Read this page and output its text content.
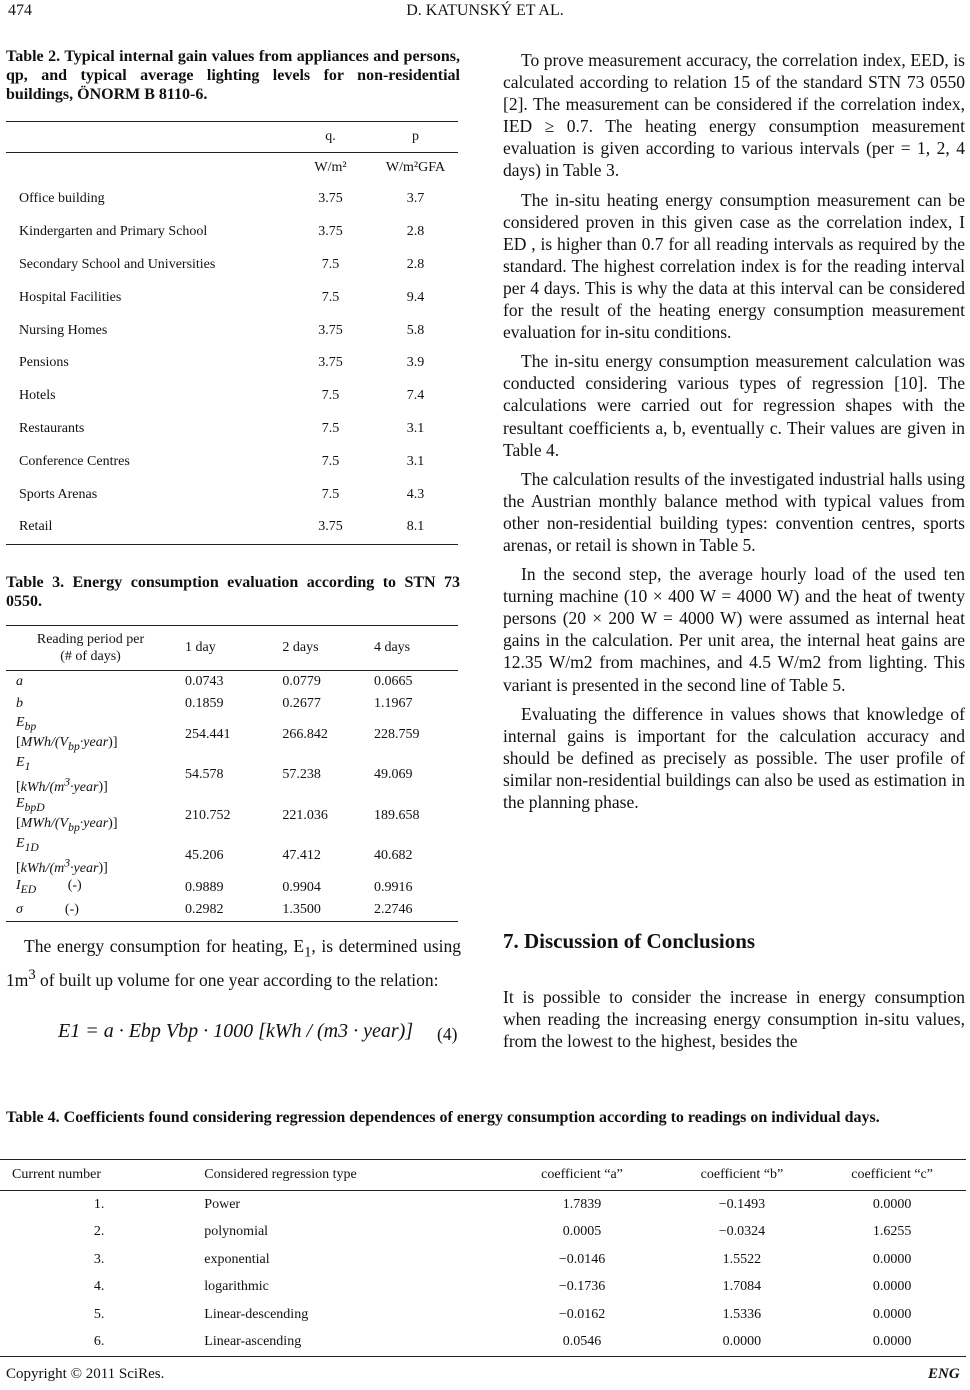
474	D. KATUNSKÝ ET AL.
Table 2. Typical internal gain values from appliances and persons, qp, and typical average lighting levels for non-residential buildings, ÖNORM B 8110-6.
	q.	p
	W/m²	W/m²GFA
Office building	3.75	3.7
Kindergarten and Primary School	3.75	2.8
Secondary School and Universities	7.5	2.8
Hospital Facilities	7.5	9.4
Nursing Homes	3.75	5.8
Pensions	3.75	3.9
Hotels	7.5	7.4
Restaurants	7.5	3.1
Conference Centres	7.5	3.1
Sports Arenas	7.5	4.3
Retail	3.75	8.1
Table 3. Energy consumption evaluation according to STN 73 0550.
Reading period per
(# of days)	1 day	2 days	4 days
a	0.0743	0.0779	0.0665
b	0.1859	0.2677	1.1967
$E_{bp}$
$[MWh/(V_{bp}\cdot year)]$	254.441	266.842	228.759
$E_1$
$[kWh/(m^3\cdot year)]$	54.578	57.238	49.069
$E_{bpD}$
$[MWh/(V_{bp}\cdot year)]$	210.752	221.036	189.658
$E_{1D}$
$[kWh/(m^3\cdot year)]$	45.206	47.412	40.682
$I_{ED}$         (-)	0.9889	0.9904	0.9916
σ            (-)	0.2982	1.3500	2.2746

The energy consumption for heating, $E_1$, is determined using $1m^3$ of built up volume for one year according to the relation:

E1 = a · Ebp Vbp · 1000 [kWh / (m3 · year)] (4)

To prove measurement accuracy, the correlation index, EED, is calculated according to relation 15 of the standard STN 73 0550 [2]. The measurement can be considered if the correlation index, IED ≥ 0.7. The heating energy consumption measurement evaluation is given according to various intervals (per = 1, 2, 4 days) in Table 3.

The in-situ heating energy consumption measurement can be considered proven in this given case as the correlation index, I ED , is higher than 0.7 for all reading intervals as required by the standard. The highest correlation index is for the reading interval per 4 days. This is why the data at this interval can be considered for the result of the heating energy consumption measurement evaluation for in-situ conditions.

The in-situ energy consumption measurement calculation was conducted considering various types of regression [10]. The calculations were carried out for regression shapes with the resultant coefficients a, b, eventually c. Their values are given in Table 4.

The calculation results of the investigated industrial halls using the Austrian monthly balance method with typical values from other non-residential building types: convention centres, sports arenas, or retail is shown in Table 5.

In the second step, the average hourly load of the used ten turning machine (10 × 400 W = 4000 W) and the heat of twenty persons (20 × 200 W = 4000 W) were assumed as internal heat gains in the calculation. Per unit area, the internal heat gains are 12.35 W/m2 from machines, and 4.5 W/m2 from lighting. This variant is presented in the second line of Table 5.

Evaluating the difference in values shows that knowledge of internal gains is important for the calculation accuracy and should be defined as precisely as possible. The user profile of similar non-residential buildings can also be used as estimation in the planning phase.

7. Discussion of Conclusions

It is possible to consider the increase in energy consumption when reading the increasing energy consumption in-situ values, from the lowest to the highest, besides the

Table 4. Coefficients found considering regression dependences of energy consumption according to readings on individual days.
Current number	Considered regression type	coefficient “a”	coefficient “b”	coefficient “c”
1.	Power	1.7839	−0.1493	0.0000
2.	polynomial	0.0005	−0.0324	1.6255
3.	exponential	−0.0146	1.5522	0.0000
4.	logarithmic	−0.1736	1.7084	0.0000
5.	Linear-descending	−0.0162	1.5336	0.0000
6.	Linear-ascending	0.0546	0.0000	0.0000
Copyright © 2011 SciRes.	ENG
